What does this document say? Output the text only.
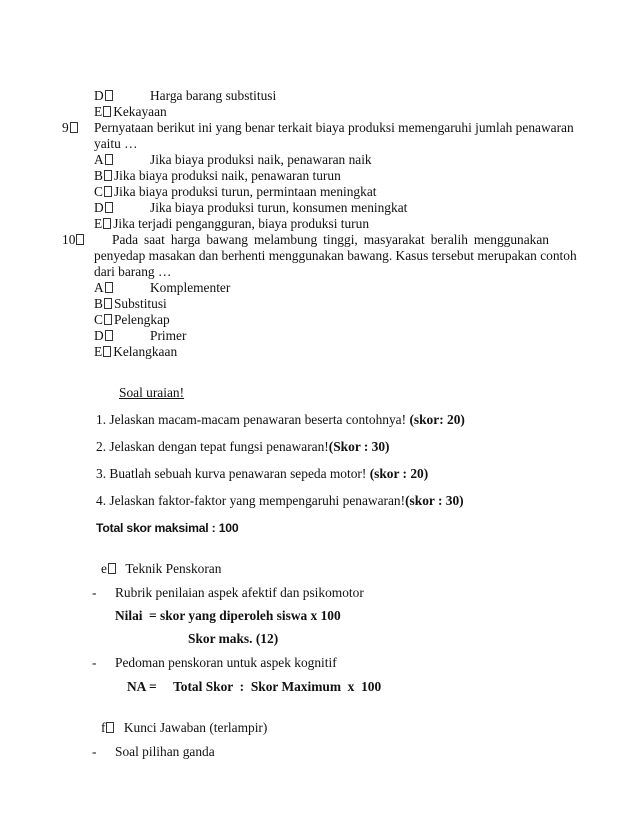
D	Harga barang substitusi
E Kekayaan
9	Pernyataan berikut ini yang benar terkait biaya produksi memengaruhi jumlah penawaran
yaitu …
A	Jika biaya produksi naik, penawaran naik
B Jika biaya produksi naik, penawaran turun
C Jika biaya produksi turun, permintaan meningkat
D	Jika biaya produksi turun, konsumen meningkat
E Jika terjadi pengangguran, biaya produksi turun
10	Pada saat harga bawang melambung tinggi, masyarakat beralih menggunakan
penyedap masakan dan berhenti menggunakan bawang. Kasus tersebut merupakan contoh
dari barang …
A	Komplementer
B Substitusi
C Pelengkap
D	Primer
E Kelangkaan
Soal uraian!
1. Jelaskan macam-macam penawaran beserta contohnya! (skor: 20)
2. Jelaskan dengan tepat fungsi penawaran!(Skor : 30)
3. Buatlah sebuah kurva penawaran sepeda motor! (skor : 20)
4. Jelaskan faktor-faktor yang mempengaruhi penawaran!(skor : 30)
Total skor maksimal : 100
e Teknik Penskoran
- Rubrik penilaian aspek afektif dan psikomotor
Nilai = skor yang diperoleh siswa x 100
Skor maks. (12)
- Pedoman penskoran untuk aspek kognitif
NA =     Total Skor  :  Skor Maximum  x  100
f Kunci Jawaban (terlampir)
- Soal pilihan ganda
